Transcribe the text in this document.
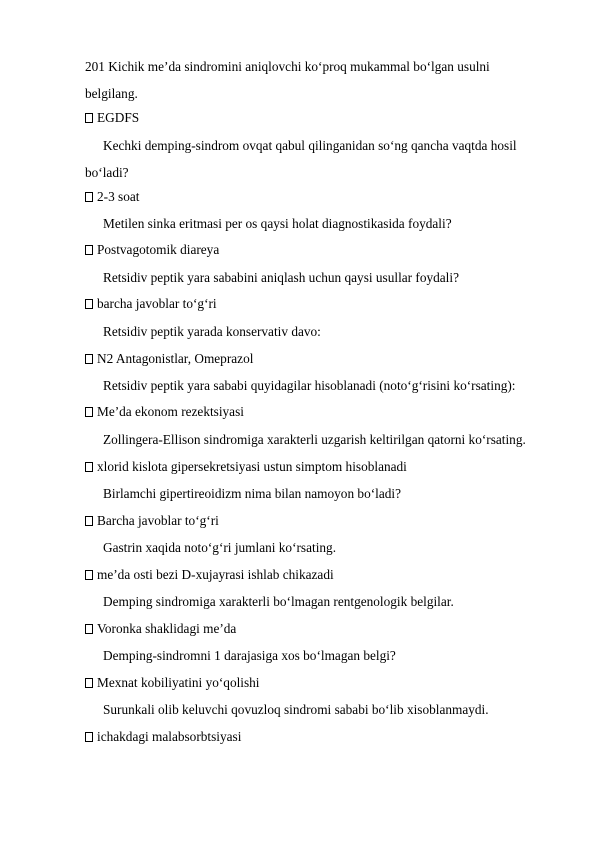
201 Kichik me’da sindromini aniqlovchi ko‘proq mukammal bo‘lgan usulni
belgilang.
EGDFS
Kechki demping-sindrom ovqat qabul qilinganidan so‘ng qancha vaqtda hosil
bo‘ladi?
2-3 soat
Metilen sinka eritmasi per os qaysi holat diagnostikasida foydali?
Postvagotomik diareya
Retsidiv peptik yara sababini aniqlash uchun qaysi usullar foydali?
barcha javoblar to‘g‘ri
Retsidiv peptik yarada konservativ davo:
N2 Antagonistlar, Omeprazol
Retsidiv peptik yara sababi quyidagilar hisoblanadi (noto‘g‘risini ko‘rsating):
Me’da ekonom rezektsiyasi
Zollingera-Ellison sindromiga xarakterli uzgarish keltirilgan qatorni ko‘rsating.
xlorid kislota gipersekretsiyasi ustun simptom hisoblanadi
Birlamchi gipertireoidizm nima bilan namoyon bo‘ladi?
Barcha javoblar to‘g‘ri
Gastrin xaqida noto‘g‘ri jumlani ko‘rsating.
me’da osti bezi D-xujayrasi ishlab chikazadi
Demping sindromiga xarakterli bo‘lmagan rentgenologik belgilar.
Voronka shaklidagi me’da
Demping-sindromni 1 darajasiga xos bo‘lmagan belgi?
Mexnat kobiliyatini yo‘qolishi
Surunkali olib keluvchi qovuzloq sindromi sababi bo‘lib xisoblanmaydi.
ichakdagi malabsorbtsiyasi
